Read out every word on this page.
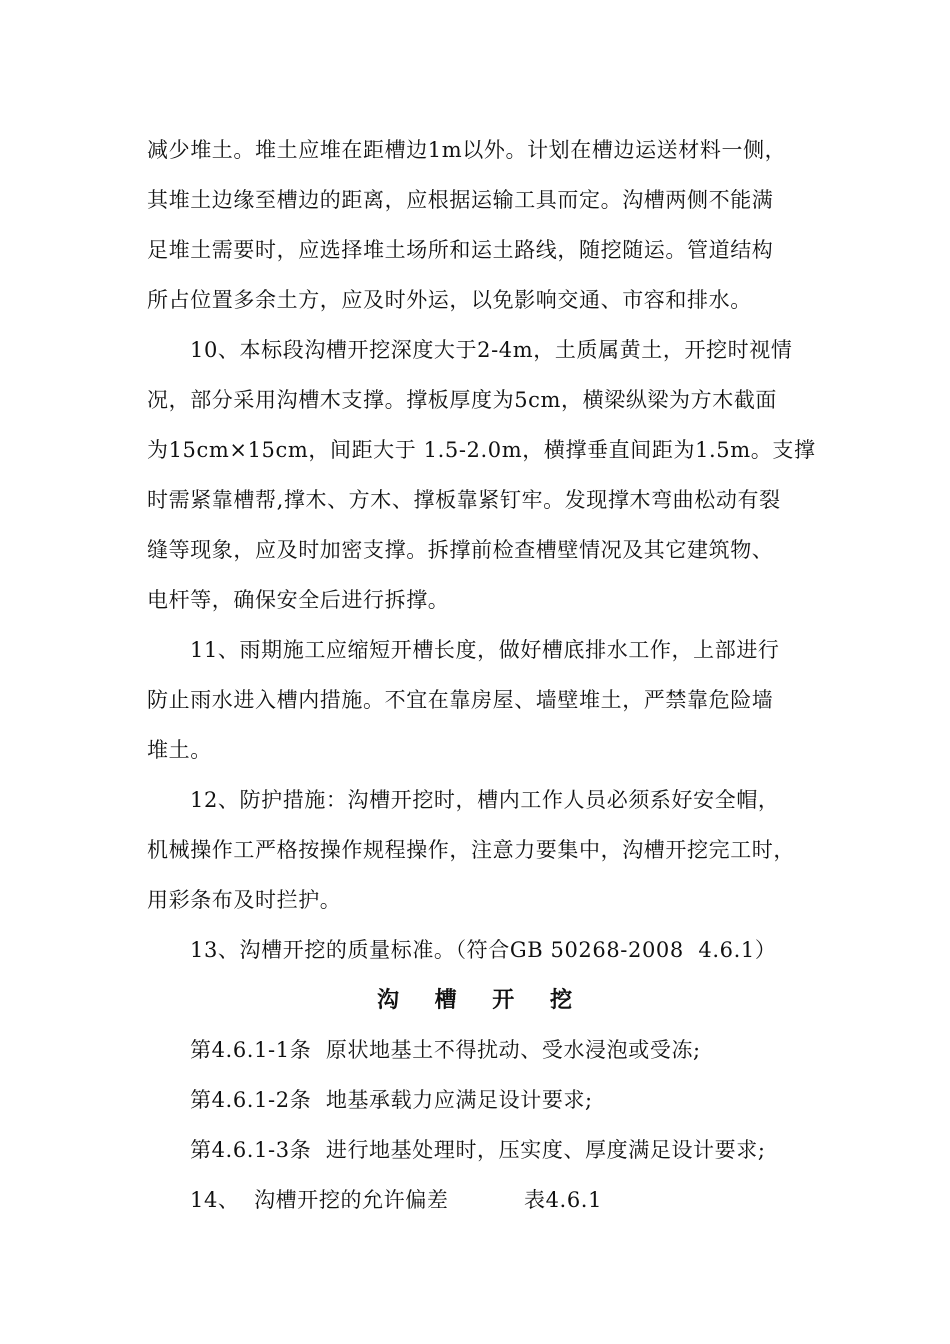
减少堆土。堆土应堆在距槽边1m以外。计划在槽边运送材料一侧，
其堆土边缘至槽边的距离，应根据运输工具而定。沟槽两侧不能满
足堆土需要时，应选择堆土场所和运土路线，随挖随运。管道结构
所占位置多余土方，应及时外运，以免影响交通、市容和排水。
10、本标段沟槽开挖深度大于2-4m，土质属黄土，开挖时视情
况，部分采用沟槽木支撑。撑板厚度为5cm，横梁纵梁为方木截面
为15cm×15cm，间距大于 1.5-2.0m，横撑垂直间距为1.5m。支撑
时需紧靠槽帮,撑木、方木、撑板靠紧钉牢。发现撑木弯曲松动有裂
缝等现象，应及时加密支撑。拆撑前检查槽壁情况及其它建筑物、
电杆等，确保安全后进行拆撑。
11、雨期施工应缩短开槽长度，做好槽底排水工作，上部进行
防止雨水进入槽内措施。不宜在靠房屋、墙壁堆土，严禁靠危险墙
堆土。
12、防护措施：沟槽开挖时，槽内工作人员必须系好安全帽，
机械操作工严格按操作规程操作，注意力要集中，沟槽开挖完工时，
用彩条布及时拦护。
13、沟槽开挖的质量标准。（符合GB 50268-2008  4.6.1）
沟    槽    开    挖
第4.6.1-1条  原状地基土不得扰动、受水浸泡或受冻;
第4.6.1-2条  地基承载力应满足设计要求;
第4.6.1-3条  进行地基处理时，压实度、厚度满足设计要求;
14、  沟槽开挖的允许偏差	表4.6.1
